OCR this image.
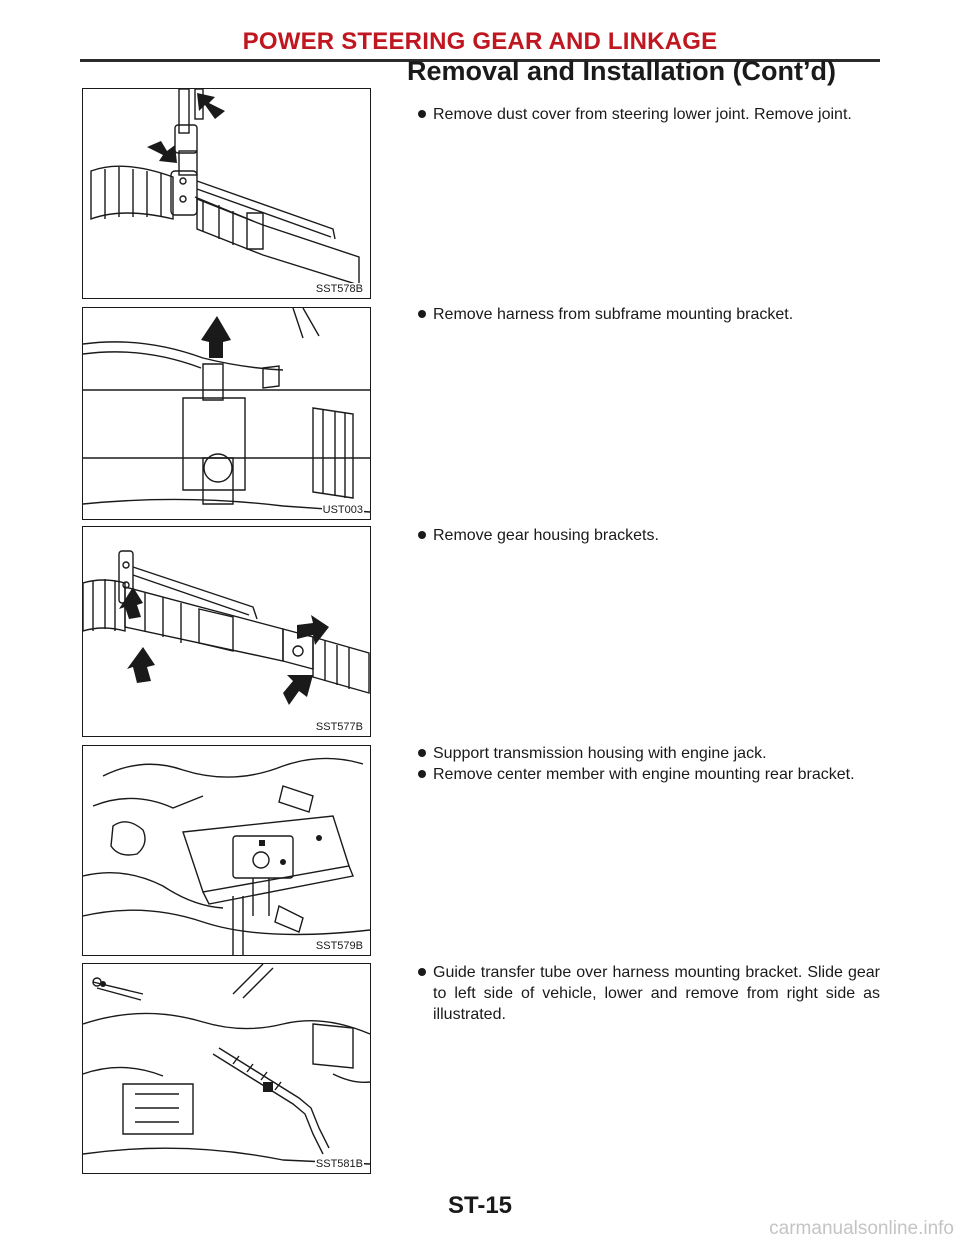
POWER STEERING GEAR AND LINKAGE
Removal and Installation (Cont’d)
SST578B
Remove dust cover from steering lower joint. Remove joint.
UST003
Remove harness from subframe mounting bracket.
SST577B
Remove gear housing brackets.
SST579B
Support transmission housing with engine jack.
Remove center member with engine mounting rear bracket.
SST581B
Guide transfer tube over harness mounting bracket. Slide gear to left side of vehicle, lower and remove from right side as illustrated.
ST-15
carmanualsonline.info
